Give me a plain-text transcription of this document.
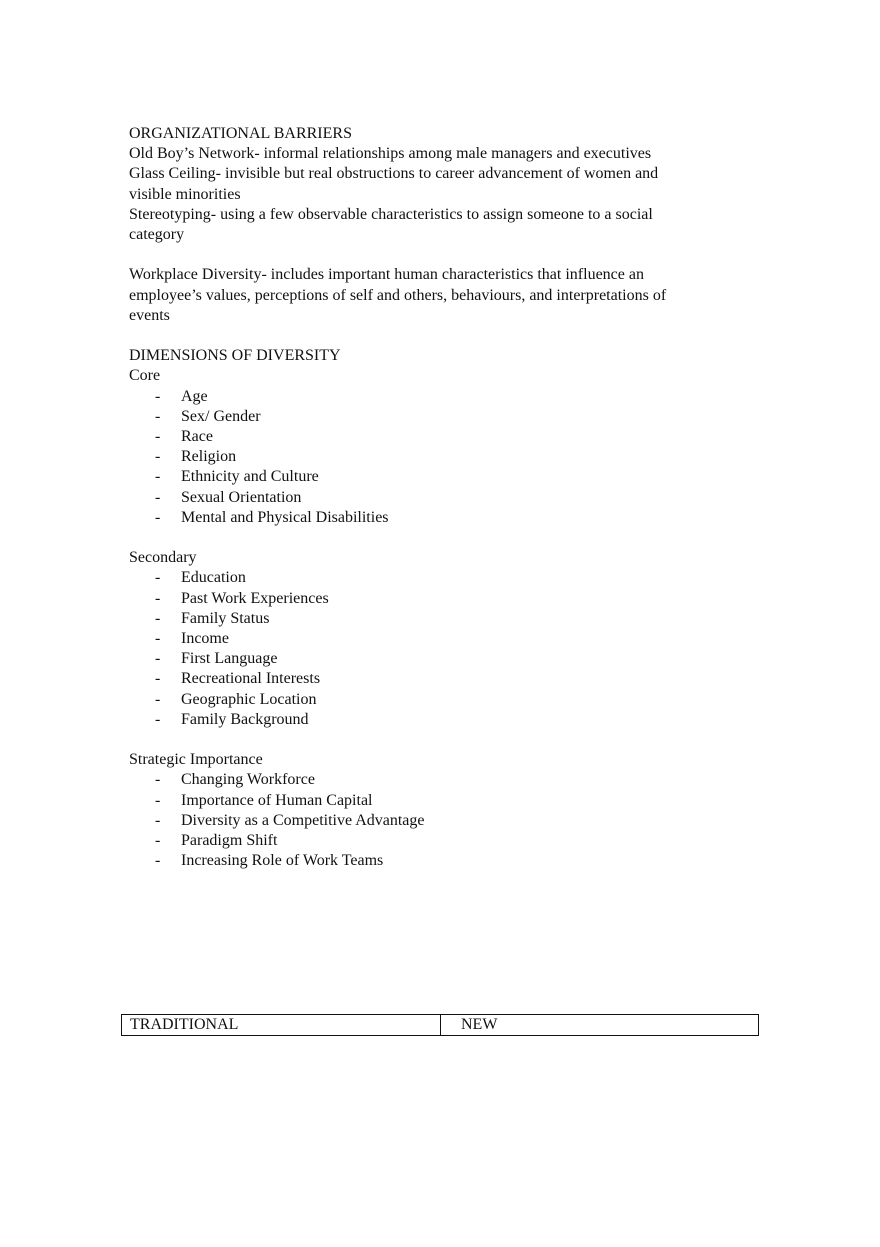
ORGANIZATIONAL BARRIERS
Old Boy’s Network- informal relationships among male managers and executives
Glass Ceiling- invisible but real obstructions to career advancement of women and
visible minorities
Stereotyping- using a few observable characteristics to assign someone to a social
category
Workplace Diversity- includes important human characteristics that influence an
employee’s values, perceptions of self and others, behaviours, and interpretations of
events
DIMENSIONS OF DIVERSITY
Core
- Age
- Sex/ Gender
- Race
- Religion
- Ethnicity and Culture
- Sexual Orientation
- Mental and Physical Disabilities
Secondary
- Education
- Past Work Experiences
- Family Status
- Income
- First Language
- Recreational Interests
- Geographic Location
- Family Background
Strategic Importance
- Changing Workforce
- Importance of Human Capital
- Diversity as a Competitive Advantage
- Paradigm Shift
- Increasing Role of Work Teams
TRADITIONAL	NEW
